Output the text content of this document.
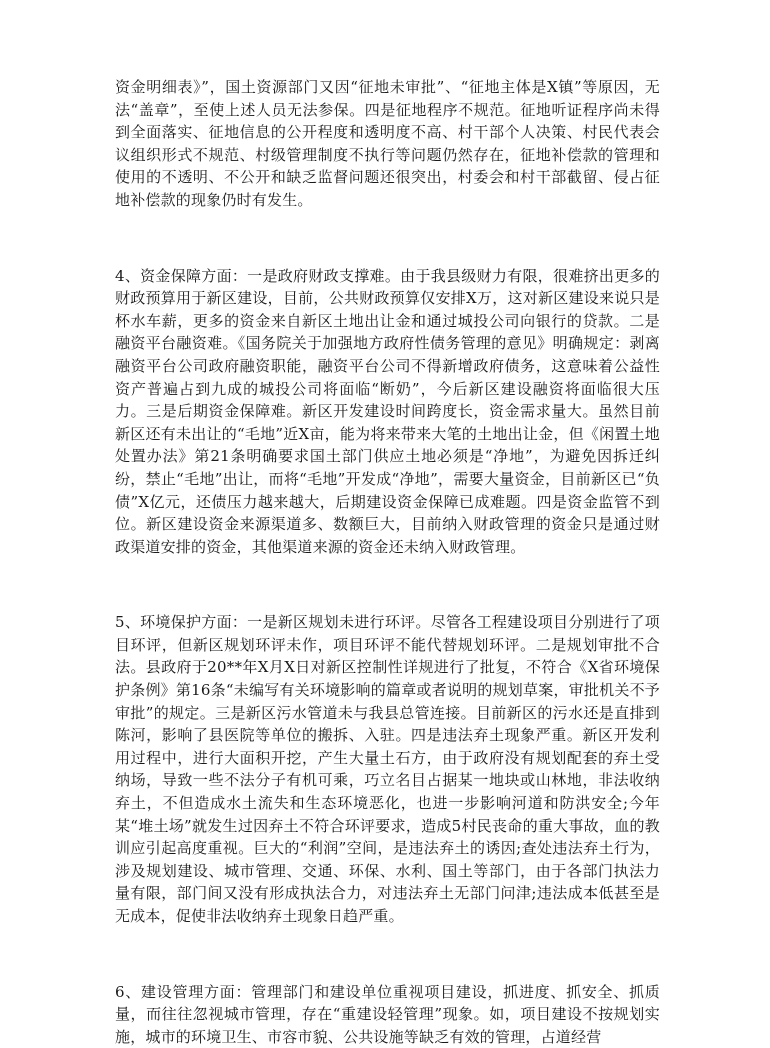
资金明细表》”，国土资源部门又因“征地未审批”、“征地主体是X镇”等原因，无法“盖章”，至使上述人员无法参保。四是征地程序不规范。征地听证程序尚未得到全面落实、征地信息的公开程度和透明度不高、村干部个人决策、村民代表会议组织形式不规范、村级管理制度不执行等问题仍然存在，征地补偿款的管理和使用的不透明、不公开和缺乏监督问题还很突出，村委会和村干部截留、侵占征地补偿款的现象仍时有发生。

4、资金保障方面：一是政府财政支撑难。由于我县级财力有限，很难挤出更多的财政预算用于新区建设，目前，公共财政预算仅安排X万，这对新区建设来说只是杯水车薪，更多的资金来自新区土地出让金和通过城投公司向银行的贷款。二是融资平台融资难。《国务院关于加强地方政府性债务管理的意见》明确规定：剥离融资平台公司政府融资职能，融资平台公司不得新增政府债务，这意味着公益性资产普遍占到九成的城投公司将面临“断奶”，今后新区建设融资将面临很大压力。三是后期资金保障难。新区开发建设时间跨度长，资金需求量大。虽然目前新区还有未出让的“毛地”近X亩，能为将来带来大笔的土地出让金，但《闲置土地处置办法》第21条明确要求国土部门供应土地必须是“净地”，为避免因拆迁纠纷，禁止“毛地”出让，而将“毛地”开发成“净地”，需要大量资金，目前新区已“负债”X亿元，还债压力越来越大，后期建设资金保障已成难题。四是资金监管不到位。新区建设资金来源渠道多、数额巨大，目前纳入财政管理的资金只是通过财政渠道安排的资金，其他渠道来源的资金还未纳入财政管理。

5、环境保护方面：一是新区规划未进行环评。尽管各工程建设项目分别进行了项目环评，但新区规划环评未作，项目环评不能代替规划环评。二是规划审批不合法。县政府于20**年X月X日对新区控制性详规进行了批复，不符合《X省环境保护条例》第16条“未编写有关环境影响的篇章或者说明的规划草案，审批机关不予审批”的规定。三是新区污水管道未与我县总管连接。目前新区的污水还是直排到陈河，影响了县医院等单位的搬拆、入驻。四是违法弃土现象严重。新区开发利用过程中，进行大面积开挖，产生大量土石方，由于政府没有规划配套的弃土受纳场，导致一些不法分子有机可乘，巧立名目占据某一地块或山林地，非法收纳弃土，不但造成水土流失和生态环境恶化，也进一步影响河道和防洪安全;今年某“堆土场”就发生过因弃土不符合环评要求，造成5村民丧命的重大事故，血的教训应引起高度重视。巨大的“利润”空间，是违法弃土的诱因;查处违法弃土行为，涉及规划建设、城市管理、交通、环保、水利、国土等部门，由于各部门执法力量有限，部门间又没有形成执法合力，对违法弃土无部门问津;违法成本低甚至是无成本，促使非法收纳弃土现象日趋严重。

6、建设管理方面：管理部门和建设单位重视项目建设，抓进度、抓安全、抓质量，而往往忽视城市管理，存在“重建设轻管理”现象。如，项目建设不按规划实施，城市的环境卫生、市容市貌、公共设施等缺乏有效的管理，占道经营
